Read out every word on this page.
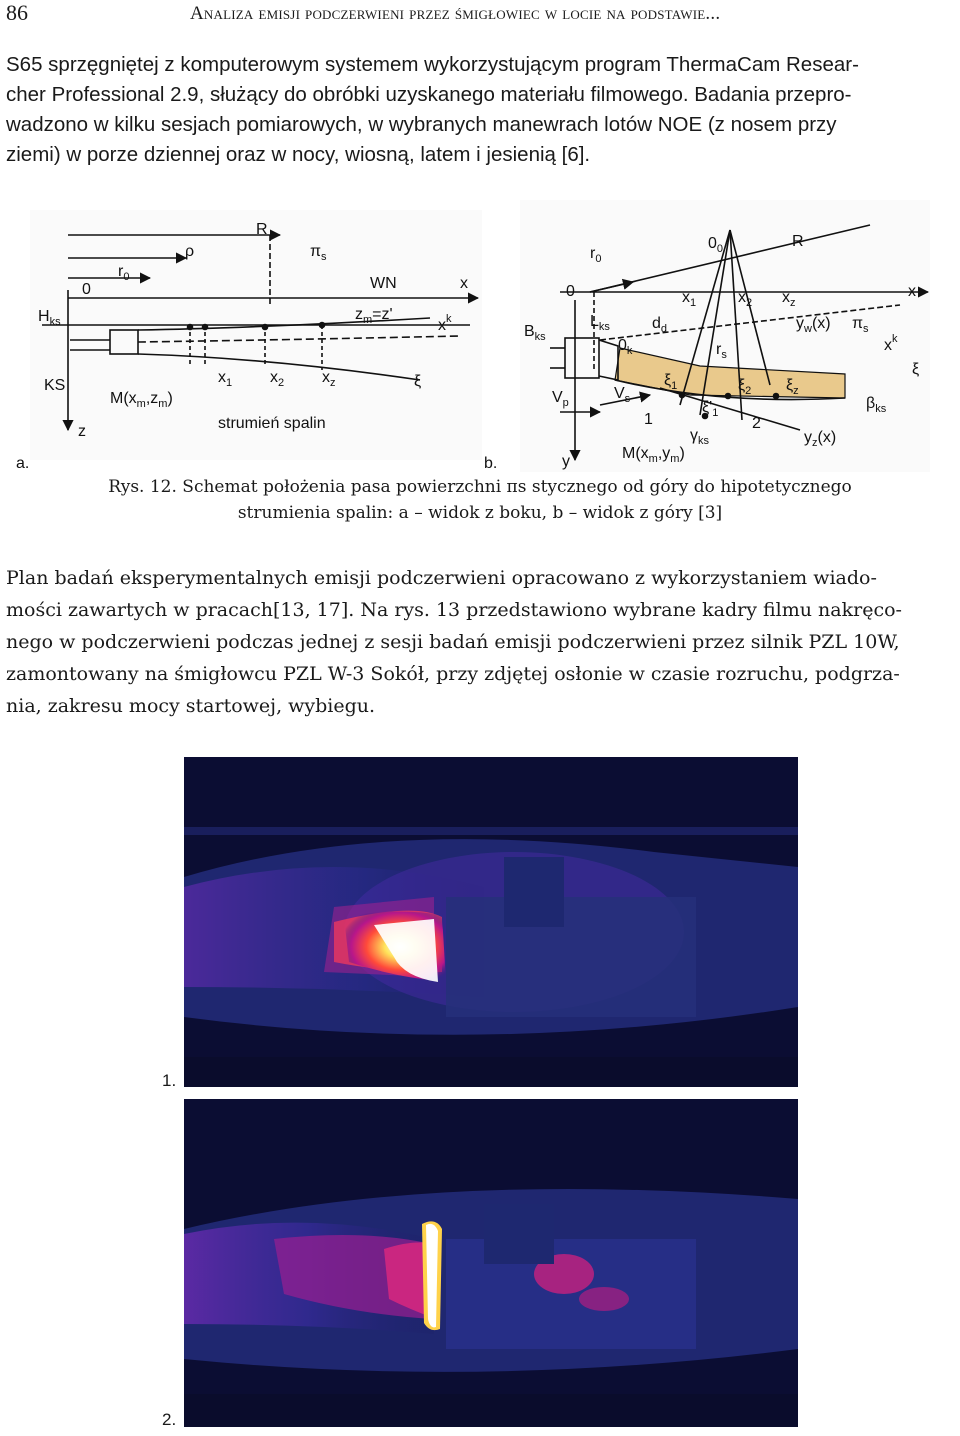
86	Analiza emisji podczerwieni przez śmigłowiec w locie na podstawie...
S65 sprzęgniętej z komputerowym systemem wykorzystującym program ThermaCam Resear-
cher Professional 2.9, służący do obróbki uzyskanego materiału filmowego. Badania przepro-
wadzono w kilku sesjach pomiarowych, w wybranych manewrach lotów NOE (z nosem przy
ziemi) w porze dziennej oraz w nocy, wiosną, latem i jesienią [6].
R
ρ	$\pi_s$
0
$r_0$	WN	x
$H_{ks}$	$z_m=z'$
$x^k$
KS	$x_1$ $x_2$ $x_z$	ξ
$M(x_m,z_m)$
strumień spalin
z
a.
$r_0$
$0_0$	R
0	x
$x_1$	$x_2$ $x_z$
$B_{ks}$
$L_{ks}$	$d_d$	$y_w(x)$ $\pi_s$
$0_k$	$r_s$
$x^k$
ξ
$V_p$
$V_s$
$\xi_1$	$\xi_2$ $\xi_z$
$\beta_{ks}$
$\xi'_1$
1	2
$\gamma_{ks}$	$y_z(x)$
y	$M(x_m,y_m)$
b.
Rys. 12. Schemat położenia pasa powierzchni πs stycznego od góry do hipotetycznego
strumienia spalin: a – widok z boku, b – widok z góry [3]
Plan badań eksperymentalnych emisji podczerwieni opracowano z wykorzystaniem wiado-
mości zawartych w pracach[13, 17]. Na rys. 13 przedstawiono wybrane kadry filmu nakręco-
nego w podczerwieni podczas jednej z sesji badań emisji podczerwieni przez silnik PZL 10W,
zamontowany na śmigłowcu PZL W-3 Sokół, przy zdjętej osłonie w czasie rozruchu, podgrza-
nia, zakresu mocy startowej, wybiegu.
1.
2.
